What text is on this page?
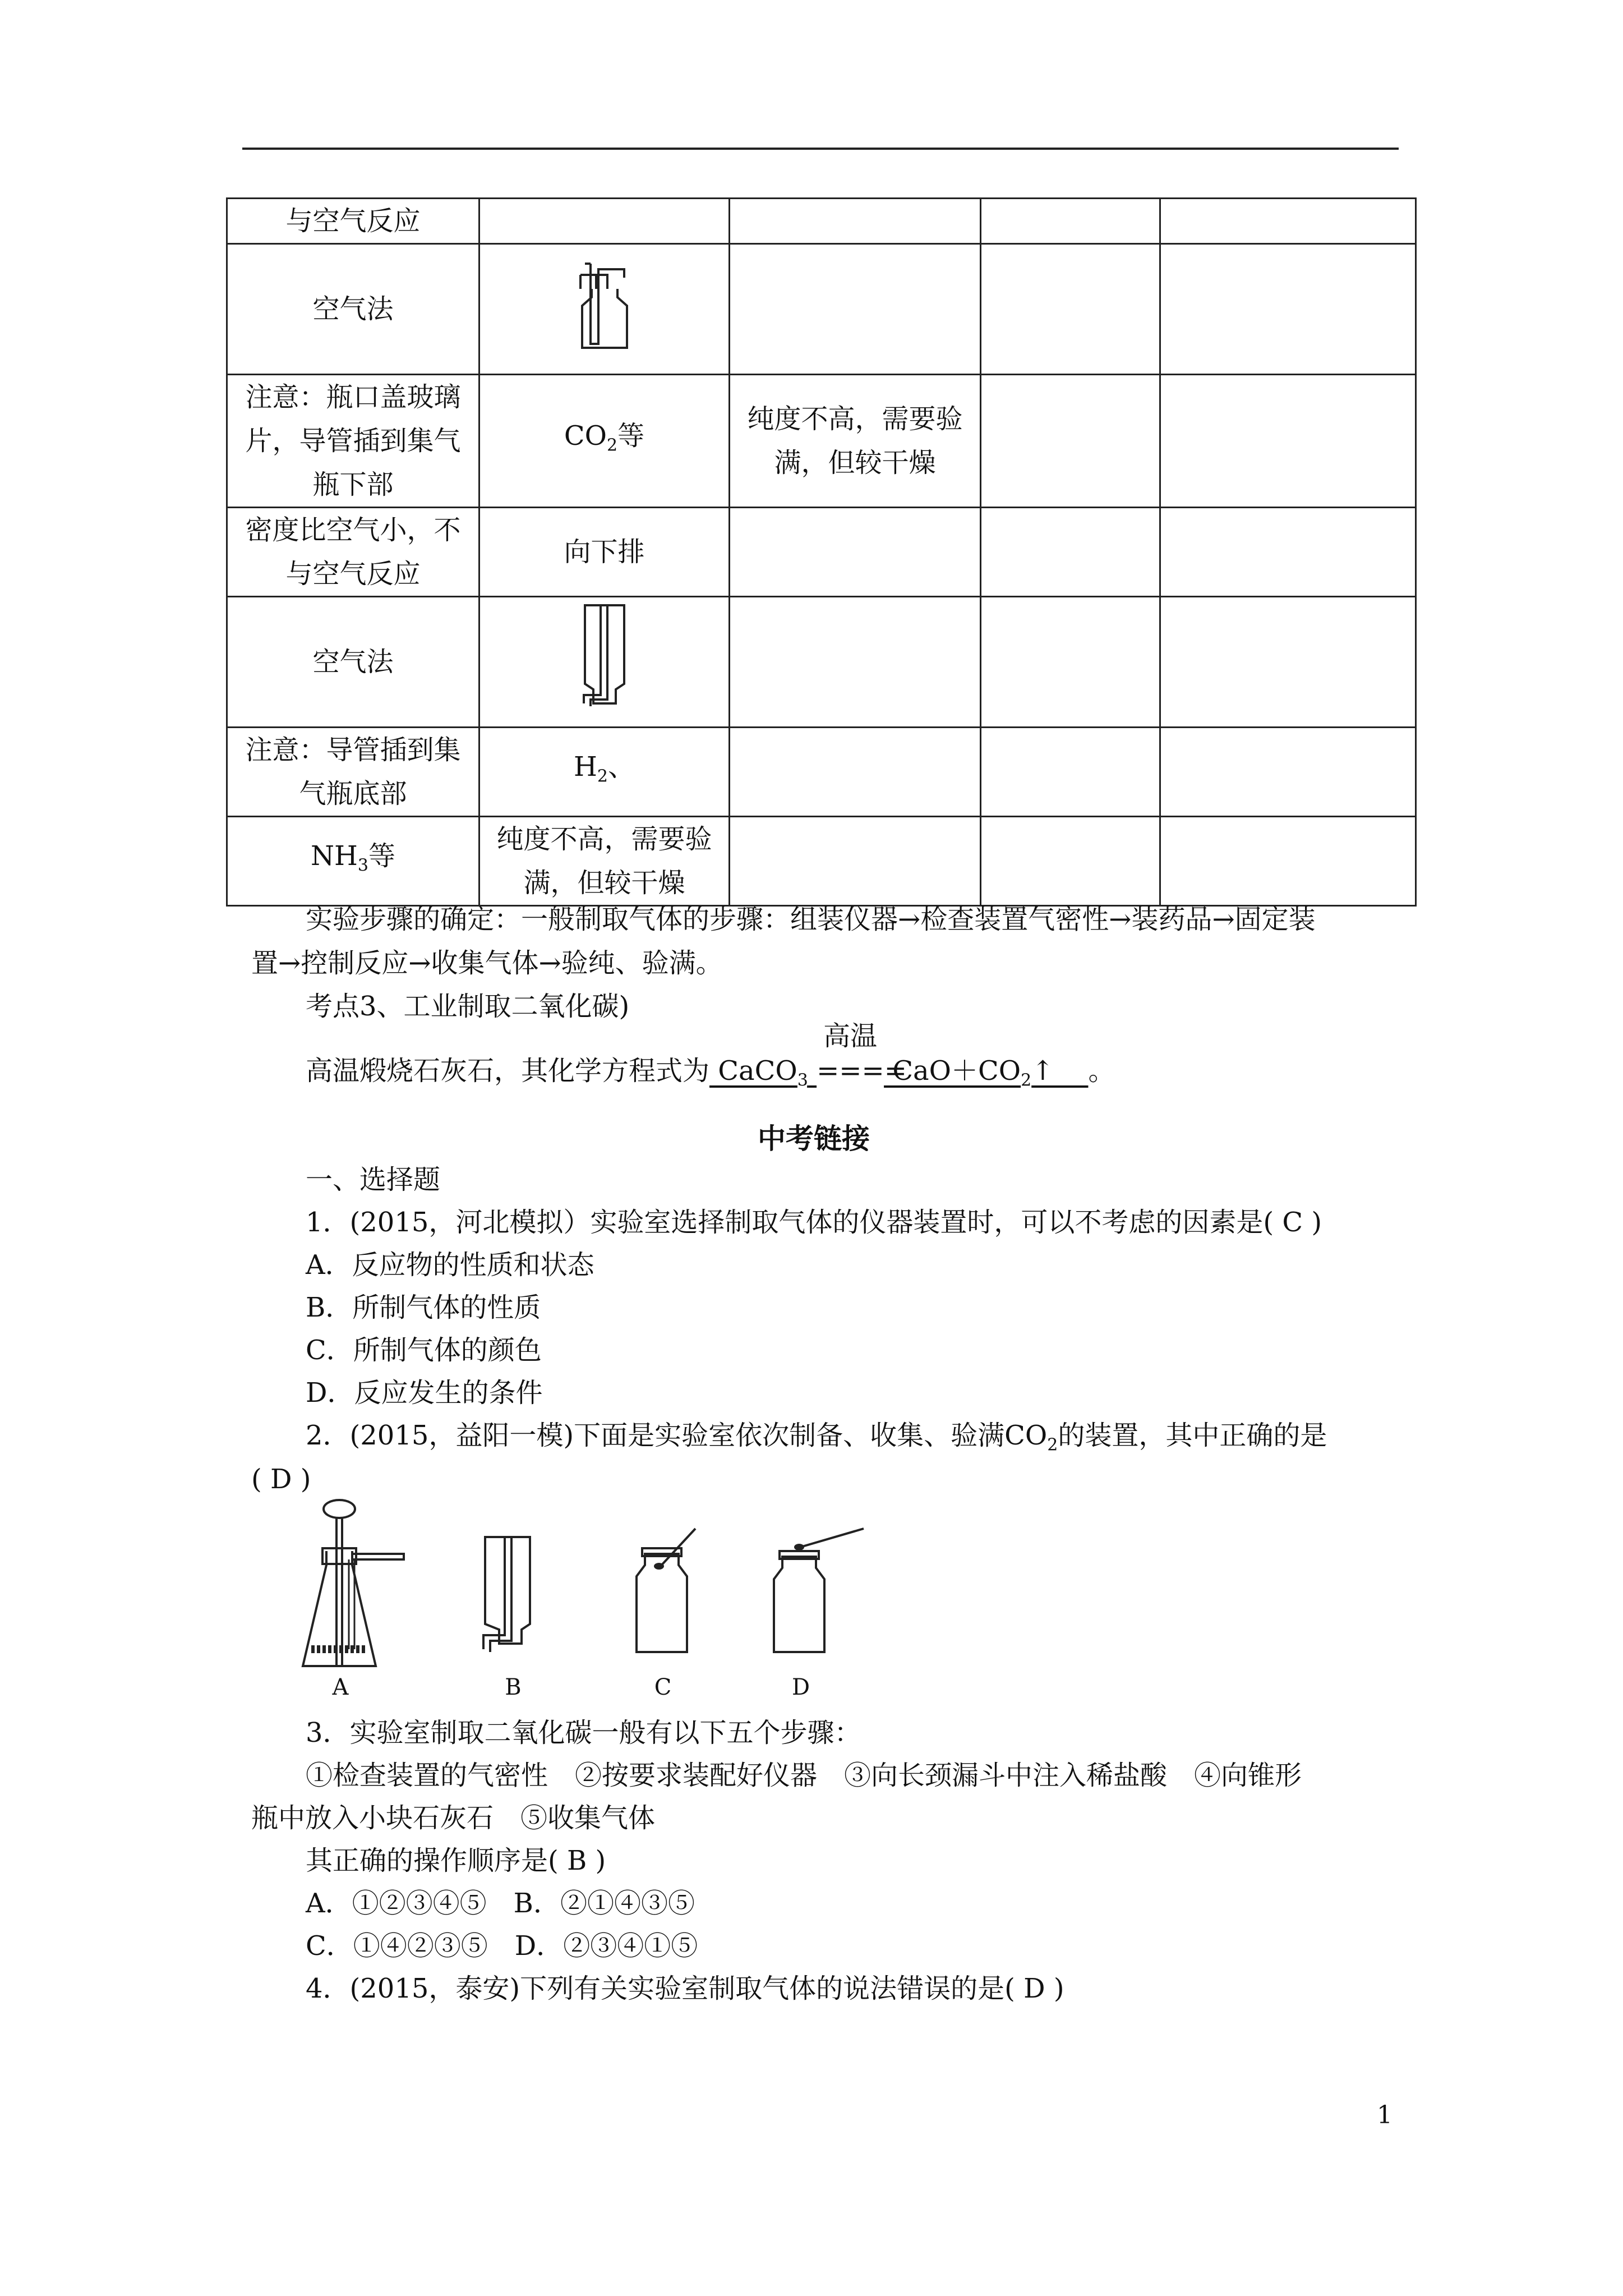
与空气反应				
空气法				
注意：瓶口盖玻璃片，导管插到集气瓶下部	$CO_2$等	纯度不高，需要验满，但较干燥		
密度比空气小，不与空气反应	向下排			
空气法				
注意：导管插到集气瓶底部	$H_2$、			
$NH_3$等	纯度不高，需要验满，但较干燥			
实验步骤的确定：一般制取气体的步骤：组装仪器→检查装置气密性→装药品→固定装
置→控制反应→收集气体→验纯、验满。
考点3、工业制取二氧化碳)
高温煅烧石灰石，其化学方程式为 CaCO$_3$
高温
==== $CaO+CO_2↑$    。
中考链接
一、选择题
1．(2015，河北模拟）实验室选择制取气体的仪器装置时，可以不考虑的因素是( C )
A．反应物的性质和状态
B．所制气体的性质
C．所制气体的颜色
D．反应发生的条件
2．(2015，益阳一模)下面是实验室依次制备、收集、验满$CO_2$的装置，其中正确的是
( D )
A	B	C	D
3．实验室制取二氧化碳一般有以下五个步骤：
①检查装置的气密性　②按要求装配好仪器　③向长颈漏斗中注入稀盐酸　④向锥形
瓶中放入小块石灰石　⑤收集气体
其正确的操作顺序是( B )
A．①②③④⑤　B．②①④③⑤
C．①④②③⑤　D．②③④①⑤
4．(2015，泰安)下列有关实验室制取气体的说法错误的是( D )
1
